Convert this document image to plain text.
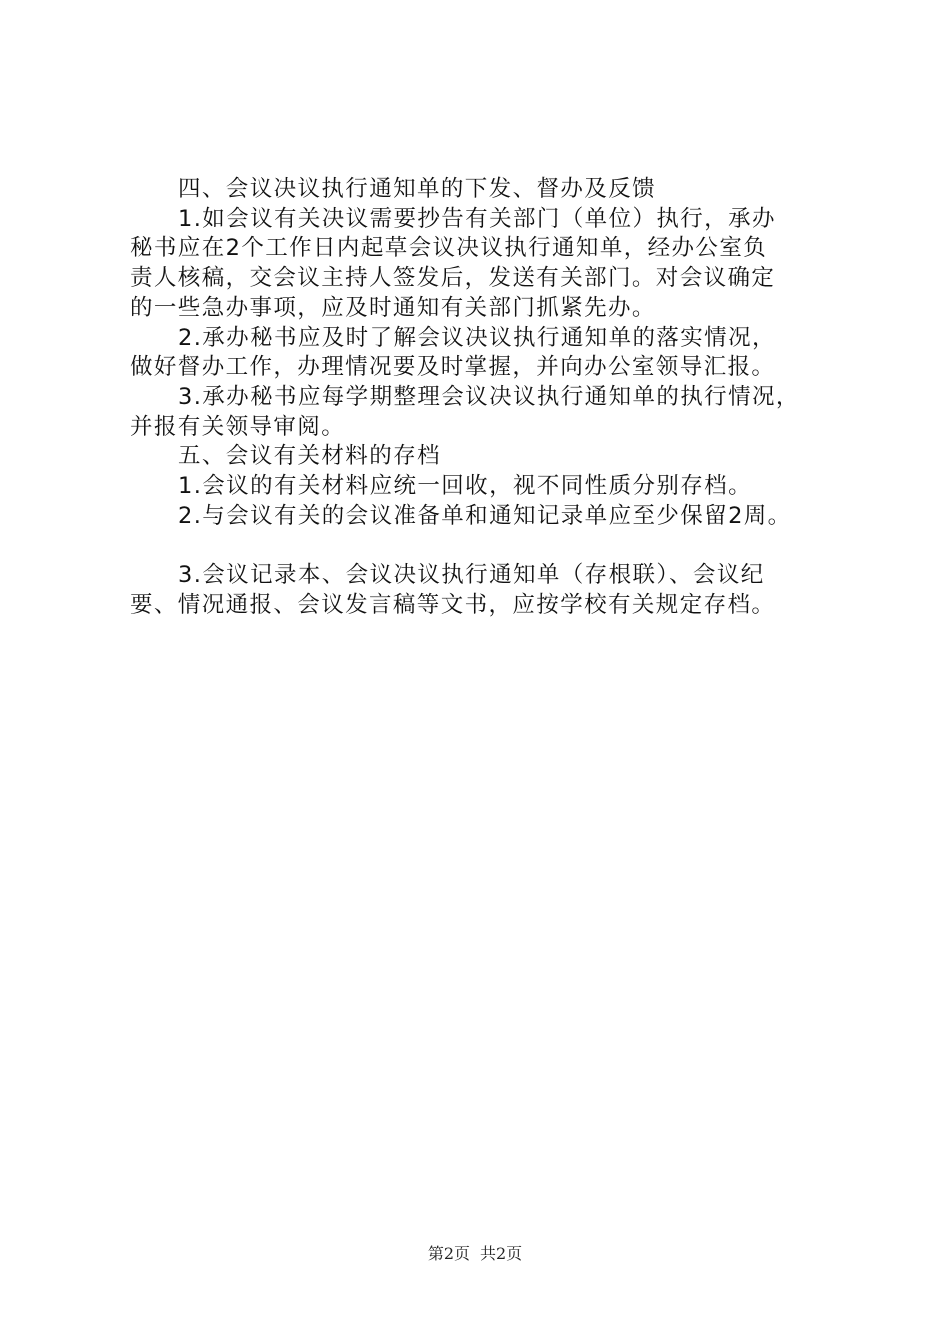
四、会议决议执行通知单的下发、督办及反馈
1.如会议有关决议需要抄告有关部门（单位）执行，承办
秘书应在2个工作日内起草会议决议执行通知单，经办公室负
责人核稿，交会议主持人签发后，发送有关部门。对会议确定
的一些急办事项，应及时通知有关部门抓紧先办。
2.承办秘书应及时了解会议决议执行通知单的落实情况，
做好督办工作，办理情况要及时掌握，并向办公室领导汇报。
3.承办秘书应每学期整理会议决议执行通知单的执行情况，
并报有关领导审阅。
五、会议有关材料的存档
1.会议的有关材料应统一回收，视不同性质分别存档。
2.与会议有关的会议准备单和通知记录单应至少保留2周。
3.会议记录本、会议决议执行通知单（存根联）、会议纪
要、情况通报、会议发言稿等文书，应按学校有关规定存档。
第2页 共2页
